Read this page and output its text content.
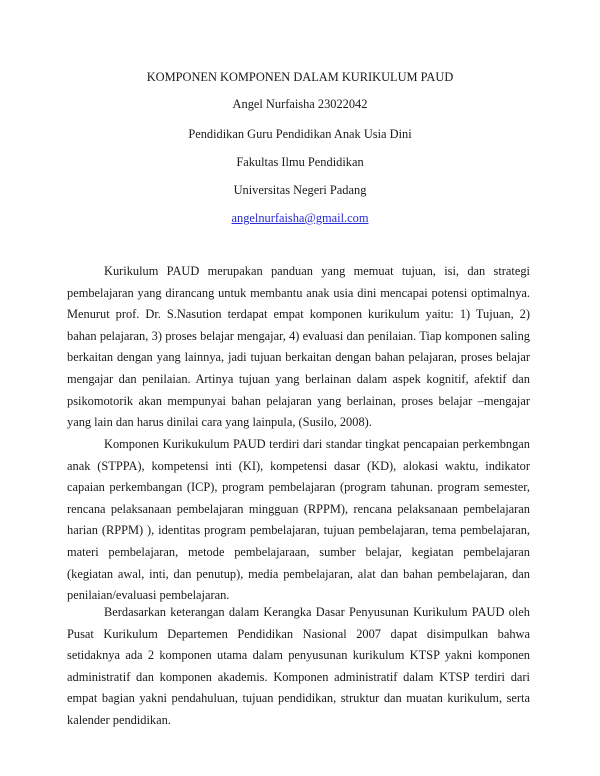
KOMPONEN KOMPONEN DALAM KURIKULUM PAUD
Angel Nurfaisha 23022042
Pendidikan Guru Pendidikan Anak Usia Dini
Fakultas Ilmu Pendidikan
Universitas Negeri Padang
angelnurfaisha@gmail.com

Kurikulum PAUD merupakan panduan yang memuat tujuan, isi, dan strategi pembelajaran yang dirancang untuk membantu anak usia dini mencapai potensi optimalnya. Menurut prof. Dr. S.Nasution terdapat empat komponen kurikulum yaitu: 1) Tujuan, 2) bahan pelajaran, 3) proses belajar mengajar, 4) evaluasi dan penilaian. Tiap komponen saling berkaitan dengan yang lainnya, jadi tujuan berkaitan dengan bahan pelajaran, proses belajar mengajar dan penilaian. Artinya tujuan yang berlainan dalam aspek kognitif, afektif dan psikomotorik akan mempunyai bahan pelajaran yang berlainan, proses belajar –mengajar yang lain dan harus dinilai cara yang lainpula, (Susilo, 2008).

Komponen Kurikukulum PAUD terdiri dari standar tingkat pencapaian perkembngan anak (STPPA), kompetensi inti (KI), kompetensi dasar (KD), alokasi waktu, indikator capaian perkembangan (ICP), program pembelajaran (program tahunan. program semester, rencana pelaksanaan pembelajaran mingguan (RPPM), rencana pelaksanaan pembelajaran harian (RPPM) ), identitas program pembelajaran, tujuan pembelajaran, tema pembelajaran, materi pembelajaran, metode pembelajaraan, sumber belajar, kegiatan pembelajaran (kegiatan awal, inti, dan penutup), media pembelajaran, alat dan bahan pembelajaran, dan penilaian/evaluasi pembelajaran.

Berdasarkan keterangan dalam Kerangka Dasar Penyusunan Kurikulum PAUD oleh Pusat Kurikulum Departemen Pendidikan Nasional 2007 dapat disimpulkan bahwa setidaknya ada 2 komponen utama dalam penyusunan kurikulum KTSP yakni komponen administratif dan komponen akademis. Komponen administratif dalam KTSP terdiri dari empat bagian yakni pendahuluan, tujuan pendidikan, struktur dan muatan kurikulum, serta kalender pendidikan.
